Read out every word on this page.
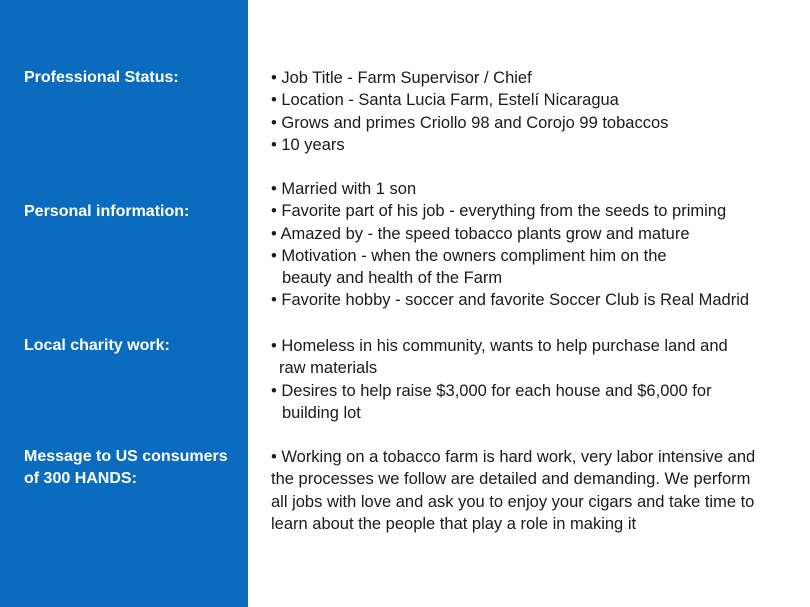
Professional Status:
Personal information:
Local charity work:
Message to US consumers
of 300 HANDS:
• Job Title - Farm Supervisor / Chief
• Location - Santa Lucia Farm, Estelí Nicaragua
• Grows and primes Criollo 98 and Corojo 99 tobaccos
• 10 years
• Married with 1 son
• Favorite part of his job - everything from the seeds to priming
• Amazed by - the speed tobacco plants grow and mature
• Motivation - when the owners compliment him on the
beauty and health of the Farm
• Favorite hobby - soccer and favorite Soccer Club is Real Madrid
• Homeless in his community, wants to help purchase land and
raw materials
• Desires to help raise $3,000 for each house and $6,000 for
building lot
• Working on a tobacco farm is hard work, very labor intensive and
the processes we follow are detailed and demanding. We perform
all jobs with love and ask you to enjoy your cigars and take time to
learn about the people that play a role in making it
